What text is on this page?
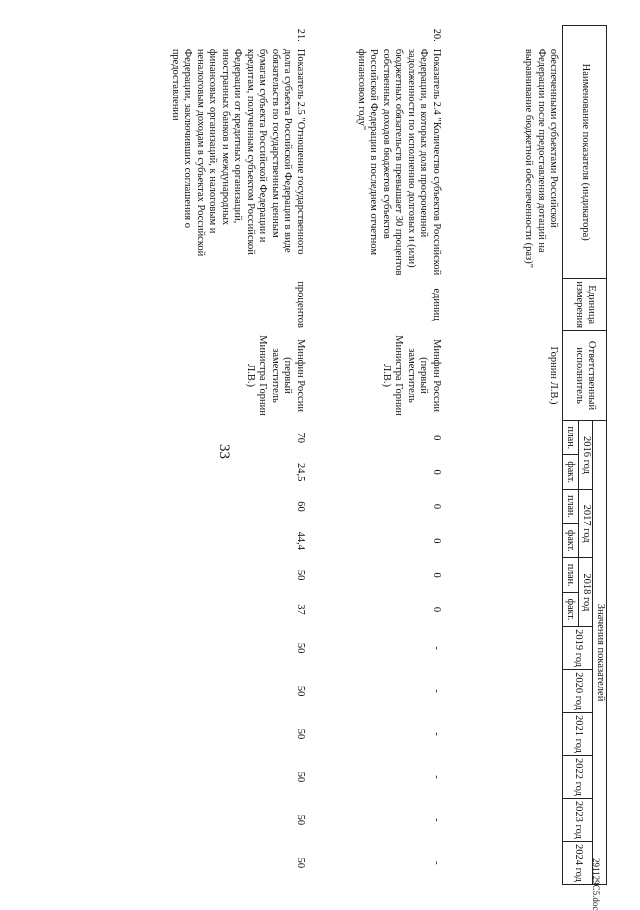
33
291129C5.doc
Наименование показателя (индикатора)		Единица измерения	Ответственный исполнитель	Значения показателей											
				2016 год		2017 год		2018 год		2019 год	2020 год	2021 год	2022 год	2023 год	2024 год
				план.	факт.	план.	факт.	план.	факт.						
	обеспеченными субъектами Российской Федерации после предоставления дотаций на выравнивание бюджетной обеспеченности (раз)"		Горнин Л.В.)												
20.	Показатель 2.4 "Количество субъектов Российской Федерации, в которых доля просроченной задолженности по исполнению долговых и (или) бюджетных обязательств превышает 30 процентов собственных доходов бюджетов субъектов Российской Федерации в последнем отчетном финансовом году"	единиц	Минфин России (первый заместитель Министра Горнин Л.В.)	0	0	0	0	0	0	-	-	-	-	-	-
21.	Показатель 2.5 "Отношение государственного долга субъекта Российской Федерации в виде обязательств по государственным ценным бумагам субъекта Российской Федерации и кредитам, полученным субъектом Российской Федерации от кредитных организаций, иностранных банков и международных финансовых организаций, к налоговым и неналоговым доходам в субъектах Российской Федерации, заключивших соглашения о предоставлении	процентов	Минфин России (первый заместитель Министра Горнин Л.В.)	70	24,5	60	44,4	50	37	50	50	50	50	50	50
